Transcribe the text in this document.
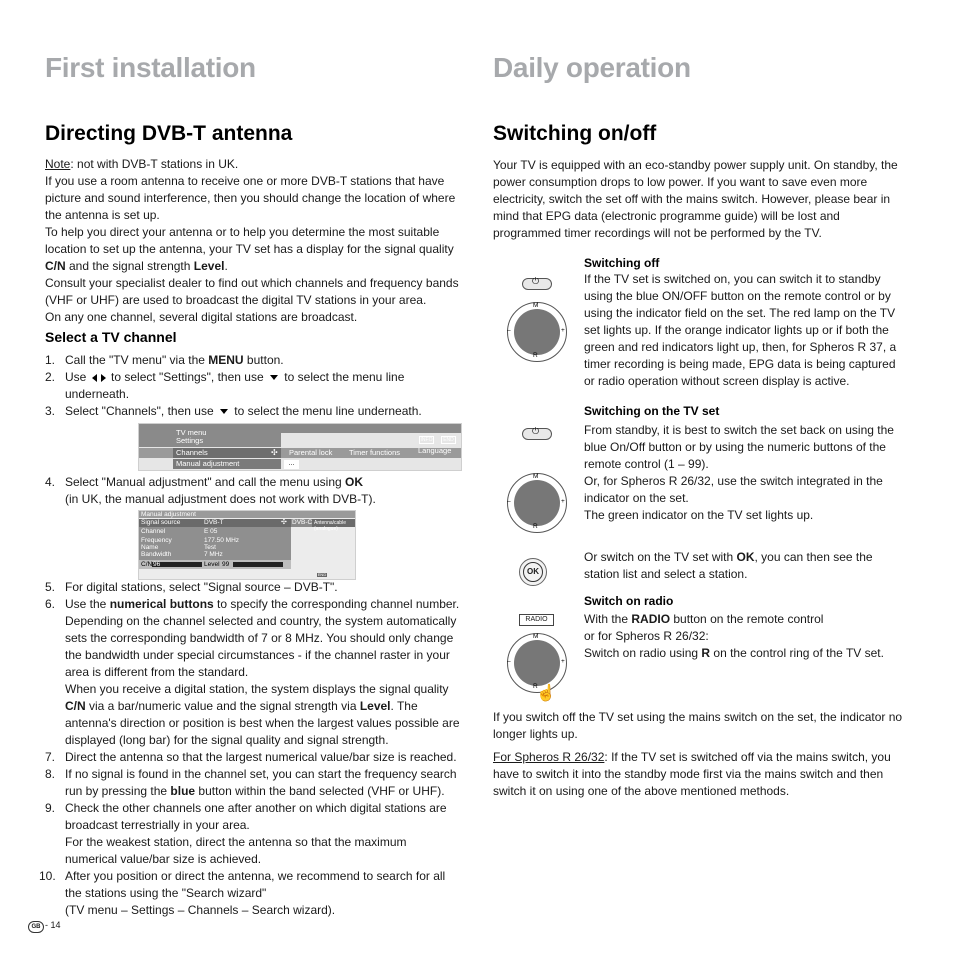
First installation
Directing DVB-T antenna

Note: not with DVB-T stations in UK.

If you use a room antenna to receive one or more DVB-T stations that have picture and sound interference, then you should change the location of where the antenna is set up.

To help you direct your antenna or to help you determine the most suitable location to set up the antenna, your TV set has a display for the signal quality C/N and the signal strength Level.

Consult your specialist dealer to find out which channels and frequency bands (VHF or UHF) are used to broadcast the digital TV stations in your area.

On any one channel, several digital stations are broadcast.

Select a TV channel
1. Call the "TV menu" via the MENU button.
2. Use  to select "Settings", then use  to select the menu line underneath.
3. Select "Channels", then use  to select the menu line underneath.
TV menu
Settings	INFO	END
Channels	✣ Parental lock Timer functions Language
Manual adjustment	...
4. Select "Manual adjustment" and call the menu using OK
(in UK, the manual adjustment does not work with DVB-T).
Manual adjustment
✣ DVB-C Antenna/cable (analogue)
C/N 96	Level 99
END
Signal source	DVB-T
Channel	E 05
Frequency	177.50 MHz
Name	Test
Bandwidth	7 MHz
5. For digital stations, select "Signal source – DVB-T".
6. Use the numerical buttons to specify the corresponding channel number. Depending on the channel selected and country, the system automatically sets the corresponding bandwidth of 7 or 8 MHz. You should only change the bandwidth under special circumstances - if the channel raster in your area is different from the standard.
When you receive a digital station, the system displays the signal quality C/N via a bar/numeric value and the signal strength via Level. The antenna's direction or position is best when the largest values possible are displayed (long bar) for the signal quality and signal strength.
7. Direct the antenna so that the largest numerical value/bar size is reached.
8. If no signal is found in the channel set, you can start the frequency search run by pressing the blue button within the band selected (VHF or UHF).
9. Check the other channels one after another on which digital stations are broadcast terrestrially in your area.
For the weakest station, direct the antenna so that the maximum numerical value/bar size is achieved.
10. After you position or direct the antenna, we recommend to search for all the stations using the "Search wizard"
(TV menu – Settings – Channels – Search wizard).
GB - 14
Daily operation
Switching on/off
Your TV is equipped with an eco-standby power supply unit. On standby, the power consumption drops to low power. If you want to save even more electricity, switch the set off with the mains switch. However, please bear in mind that EPG data (electronic programme guide) will be lost and programmed timer recordings will not be performed by the TV.
⏻
M
R
–	+
Switching off
If the TV set is switched on, you can switch it to standby using the blue ON/OFF button on the remote control or by using the indicator field on the set. The red lamp on the TV set lights up. If the orange indicator lights up or if both the green and red indicators light up, then, for Spheros R 37, a timer recording is being made, EPG data is being captured or radio operation without screen display is active.
⏻
M
R
–	+
Switching on the TV set

From standby, it is best to switch the set back on using the blue On/Off button or by using the numeric buttons of the remote control (1 – 99).

Or, for Spheros R 26/32, use the switch integrated in the indicator on the set.

The green indicator on the TV set lights up.

OK
Or switch on the TV set with OK, you can then see the station list and select a station.
RADIO
M
R
–	+
☝
Switch on radio

With the RADIO button on the remote control

or for Spheros R 26/32:

Switch on radio using R on the control ring of the TV set.

If you switch off the TV set using the mains switch on the set, the indicator no longer lights up.
For Spheros R 26/32: If the TV set is switched off via the mains switch, you have to switch it into the standby mode first via the mains switch and then switch it on using one of the above mentioned methods.
